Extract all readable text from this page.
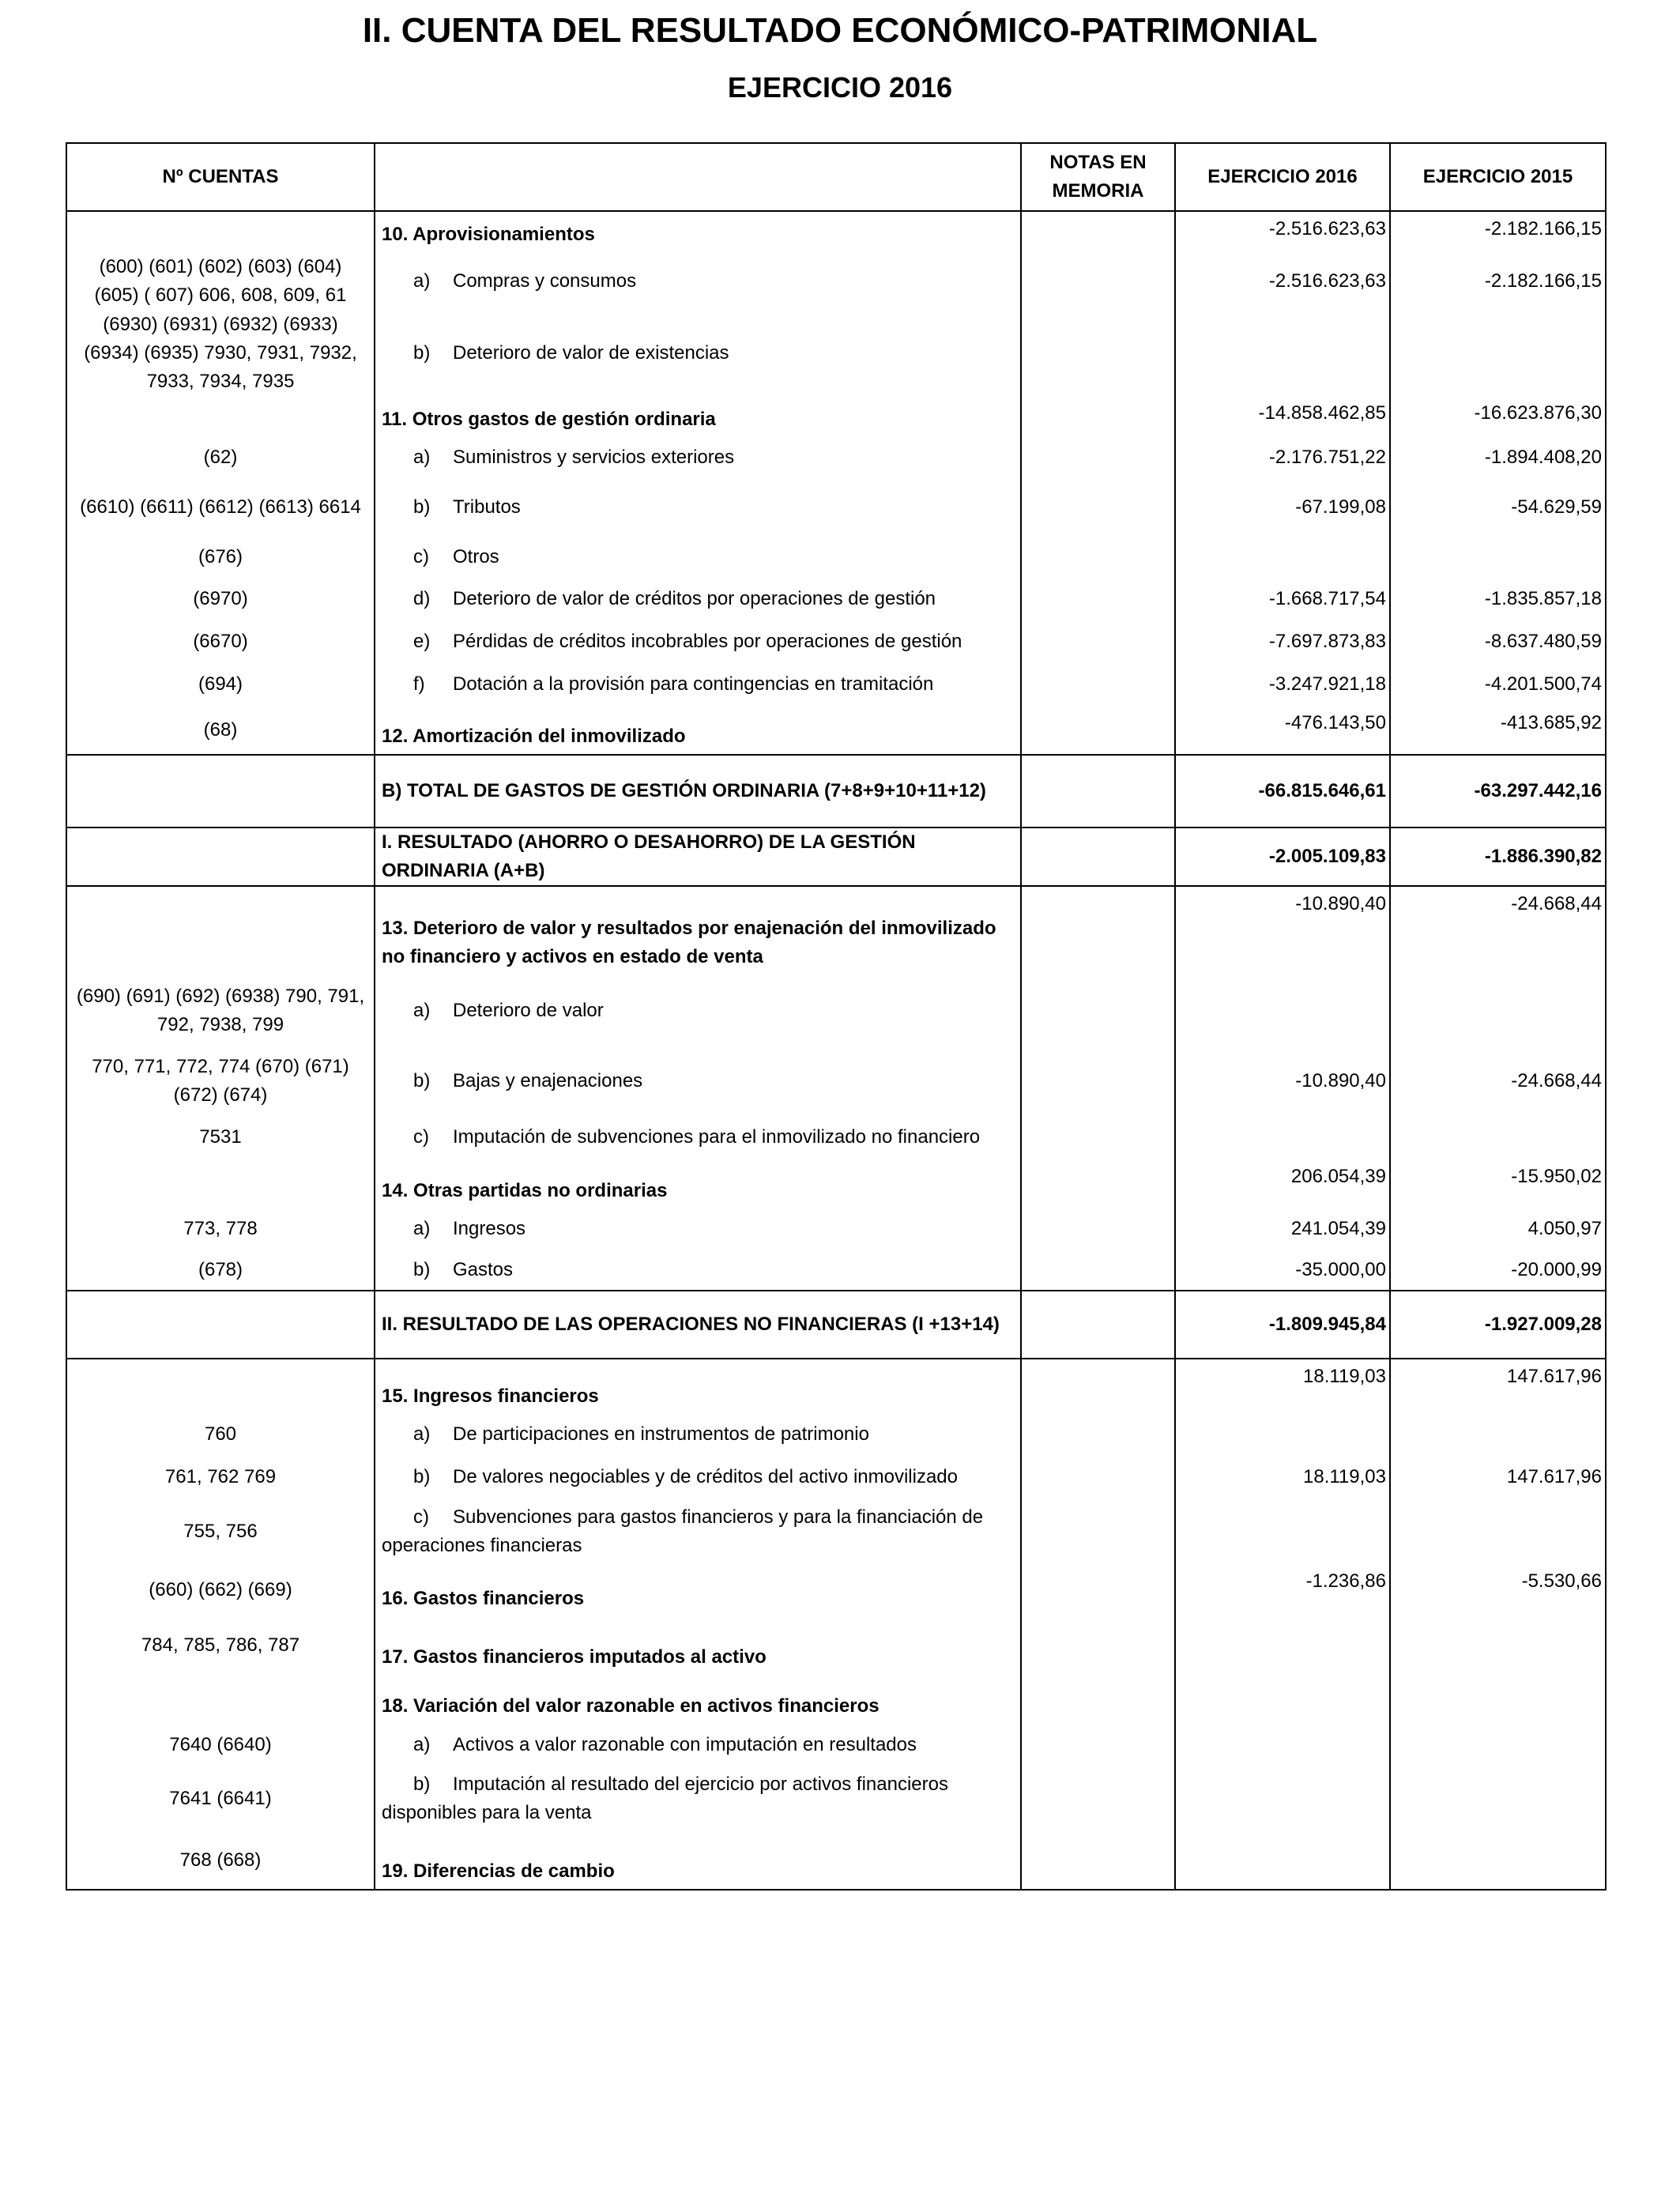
II. CUENTA DEL RESULTADO ECONÓMICO-PATRIMONIAL
EJERCICIO 2016
Nº CUENTAS		NOTAS EN MEMORIA	EJERCICIO 2016	EJERCICIO 2015
	10. Aprovisionamientos		-2.516.623,63	-2.182.166,15
(600) (601) (602) (603) (604) (605) ( 607) 606, 608, 609, 61	a) Compras y consumos		-2.516.623,63	-2.182.166,15
(6930) (6931) (6932) (6933) (6934) (6935) 7930, 7931, 7932, 7933, 7934, 7935	b) Deterioro de valor de existencias			
	11. Otros gastos de gestión ordinaria		-14.858.462,85	-16.623.876,30
(62)	a) Suministros y servicios exteriores		-2.176.751,22	-1.894.408,20
(6610) (6611) (6612) (6613) 6614	b) Tributos		-67.199,08	-54.629,59
(676)	c) Otros			
(6970)	d) Deterioro de valor de créditos por operaciones de gestión		-1.668.717,54	-1.835.857,18
(6670)	e) Pérdidas de créditos incobrables por operaciones de gestión		-7.697.873,83	-8.637.480,59
(694)	f) Dotación a la provisión para contingencias en tramitación		-3.247.921,18	-4.201.500,74
(68)	12. Amortización del inmovilizado		-476.143,50	-413.685,92
	B) TOTAL DE GASTOS DE GESTIÓN ORDINARIA (7+8+9+10+11+12)		-66.815.646,61	-63.297.442,16
	I. RESULTADO (AHORRO O DESAHORRO) DE LA GESTIÓN ORDINARIA (A+B)		-2.005.109,83	-1.886.390,82
	13. Deterioro de valor y resultados por enajenación del inmovilizado no financiero y activos en estado de venta		-10.890,40	-24.668,44
(690) (691) (692) (6938) 790, 791, 792, 7938, 799	a) Deterioro de valor			
770, 771, 772, 774 (670) (671) (672) (674)	b) Bajas y enajenaciones		-10.890,40	-24.668,44
7531	c) Imputación de subvenciones para el inmovilizado no financiero			
	14. Otras partidas no ordinarias		206.054,39	-15.950,02
773, 778	a) Ingresos		241.054,39	4.050,97
(678)	b) Gastos		-35.000,00	-20.000,99
	II. RESULTADO DE LAS OPERACIONES NO FINANCIERAS (I +13+14)		-1.809.945,84	-1.927.009,28
	15. Ingresos financieros		18.119,03	147.617,96
760	a) De participaciones en instrumentos de patrimonio			
761, 762 769	b) De valores negociables y de créditos del activo inmovilizado		18.119,03	147.617,96
755, 756	c) Subvenciones para gastos financieros y para la financiación de operaciones financieras			
(660) (662) (669)	16. Gastos financieros		-1.236,86	-5.530,66
784, 785, 786, 787	17. Gastos financieros imputados al activo			
	18. Variación del valor razonable en activos financieros			
7640 (6640)	a) Activos a valor razonable con imputación en resultados			
7641 (6641)	b) Imputación al resultado del ejercicio por activos financieros disponibles para la venta			
768 (668)	19. Diferencias de cambio			
